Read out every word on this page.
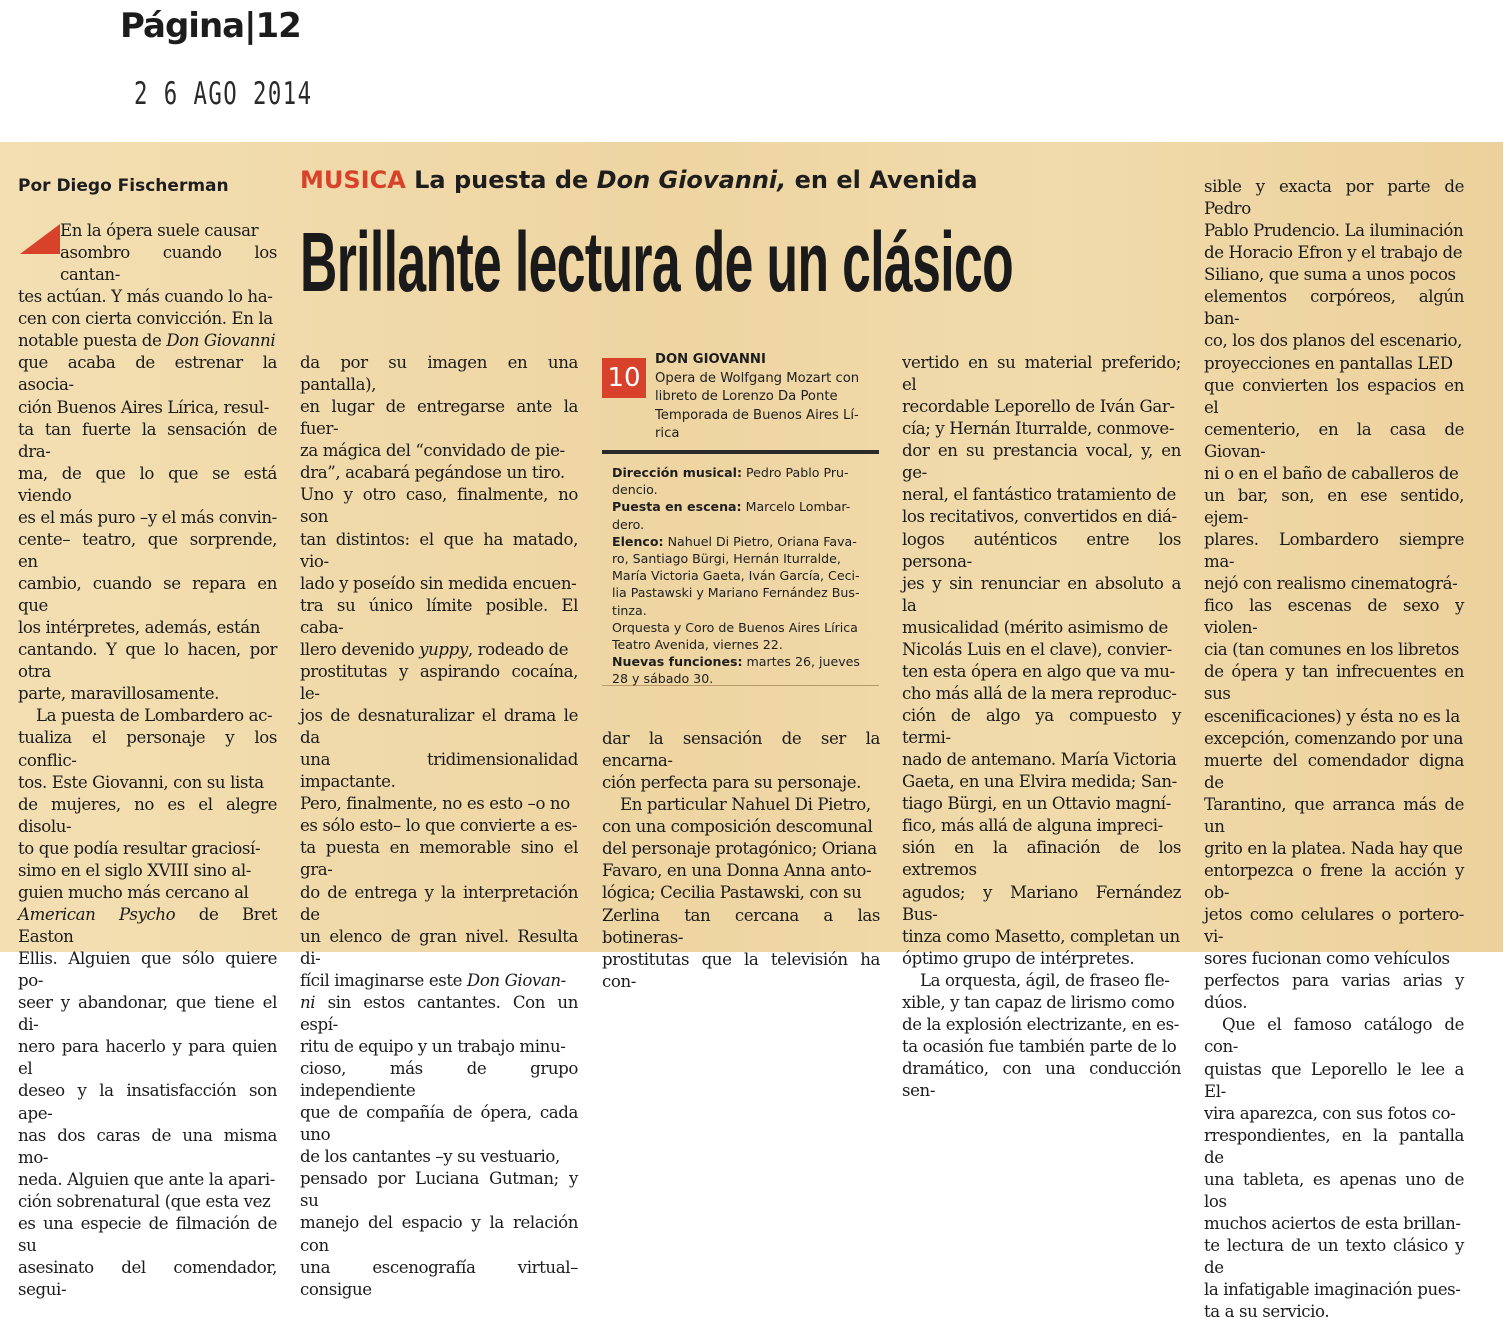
Página|12
2 6 AGO 2014
Por Diego Fischerman	MUSICA La puesta de Don Giovanni, en el Avenida
Brillante lectura de un clásico

En la ópera suele causar

asombro cuando los cantan-

tes actúan. Y más cuando lo ha-

cen con cierta convicción. En la

notable puesta de Don Giovanni

que acaba de estrenar la asocia-

ción Buenos Aires Lírica, resul-

ta tan fuerte la sensación de dra-

ma, de que lo que se está viendo

es el más puro –y el más convin-

cente– teatro, que sorprende, en

cambio, cuando se repara en que

los intérpretes, además, están

cantando. Y que lo hacen, por otra

parte, maravillosamente.

La puesta de Lombardero ac-

tualiza el personaje y los conflic-

tos. Este Giovanni, con su lista

de mujeres, no es el alegre disolu-

to que podía resultar graciosí-

simo en el siglo XVIII sino al-

guien mucho más cercano al

American Psycho de Bret Easton

Ellis. Alguien que sólo quiere po-

seer y abandonar, que tiene el di-

nero para hacerlo y para quien el

deseo y la insatisfacción son ape-

nas dos caras de una misma mo-

neda. Alguien que ante la apari-

ción sobrenatural (que esta vez

es una especie de filmación de su

asesinato del comendador, segui-

da por su imagen en una pantalla),

en lugar de entregarse ante la fuer-

za mágica del “convidado de pie-

dra”, acabará pegándose un tiro.

Uno y otro caso, finalmente, no son

tan distintos: el que ha matado, vio-

lado y poseído sin medida encuen-

tra su único límite posible. El caba-

llero devenido yuppy, rodeado de

prostitutas y aspirando cocaína, le-

jos de desnaturalizar el drama le da

una tridimensionalidad impactante.

Pero, finalmente, no es esto –o no

es sólo esto– lo que convierte a es-

ta puesta en memorable sino el gra-

do de entrega y la interpretación de

un elenco de gran nivel. Resulta di-

fícil imaginarse este Don Giovan-

ni sin estos cantantes. Con un espí-

ritu de equipo y un trabajo minu-

cioso, más de grupo independiente

que de compañía de ópera, cada uno

de los cantantes –y su vestuario,

pensado por Luciana Gutman; y su

manejo del espacio y la relación con

una escenografía virtual– consigue

10
DON GIOVANNI
Opera de Wolfgang Mozart con
libreto de Lorenzo Da Ponte
Temporada de Buenos Aires Lí-
rica

Dirección musical: Pedro Pablo Pru-
dencio.

Puesta en escena: Marcelo Lombar-
dero.

Elenco: Nahuel Di Pietro, Oriana Fava-
ro, Santiago Bürgi, Hernán Iturralde,
María Victoria Gaeta, Iván García, Ceci-
lia Pastawski y Mariano Fernández Bus-
tinza.

Orquesta y Coro de Buenos Aires Lírica
Teatro Avenida, viernes 22.

Nuevas funciones: martes 26, jueves
28 y sábado 30.

dar la sensación de ser la encarna-

ción perfecta para su personaje.

En particular Nahuel Di Pietro,

con una composición descomunal

del personaje protagónico; Oriana

Favaro, en una Donna Anna anto-

lógica; Cecilia Pastawski, con su

Zerlina tan cercana a las botineras-

prostitutas que la televisión ha con-

vertido en su material preferido; el

recordable Leporello de Iván Gar-

cía; y Hernán Iturralde, conmove-

dor en su prestancia vocal, y, en ge-

neral, el fantástico tratamiento de

los recitativos, convertidos en diá-

logos auténticos entre los persona-

jes y sin renunciar en absoluto a la

musicalidad (mérito asimismo de

Nicolás Luis en el clave), convier-

ten esta ópera en algo que va mu-

cho más allá de la mera reproduc-

ción de algo ya compuesto y termi-

nado de antemano. María Victoria

Gaeta, en una Elvira medida; San-

tiago Bürgi, en un Ottavio magní-

fico, más allá de alguna impreci-

sión en la afinación de los extremos

agudos; y Mariano Fernández Bus-

tinza como Masetto, completan un

óptimo grupo de intérpretes.

La orquesta, ágil, de fraseo fle-

xible, y tan capaz de lirismo como

de la explosión electrizante, en es-

ta ocasión fue también parte de lo

dramático, con una conducción sen-

sible y exacta por parte de Pedro

Pablo Prudencio. La iluminación

de Horacio Efron y el trabajo de

Siliano, que suma a unos pocos

elementos corpóreos, algún ban-

co, los dos planos del escenario,

proyecciones en pantallas LED

que convierten los espacios en el

cementerio, en la casa de Giovan-

ni o en el baño de caballeros de

un bar, son, en ese sentido, ejem-

plares. Lombardero siempre ma-

nejó con realismo cinematográ-

fico las escenas de sexo y violen-

cia (tan comunes en los libretos

de ópera y tan infrecuentes en sus

escenificaciones) y ésta no es la

excepción, comenzando por una

muerte del comendador digna de

Tarantino, que arranca más de un

grito en la platea. Nada hay que

entorpezca o frene la acción y ob-

jetos como celulares o portero-vi-

sores fucionan como vehículos

perfectos para varias arias y dúos.

Que el famoso catálogo de con-

quistas que Leporello le lee a El-

vira aparezca, con sus fotos co-

rrespondientes, en la pantalla de

una tableta, es apenas uno de los

muchos aciertos de esta brillan-

te lectura de un texto clásico y de

la infatigable imaginación pues-

ta a su servicio.
